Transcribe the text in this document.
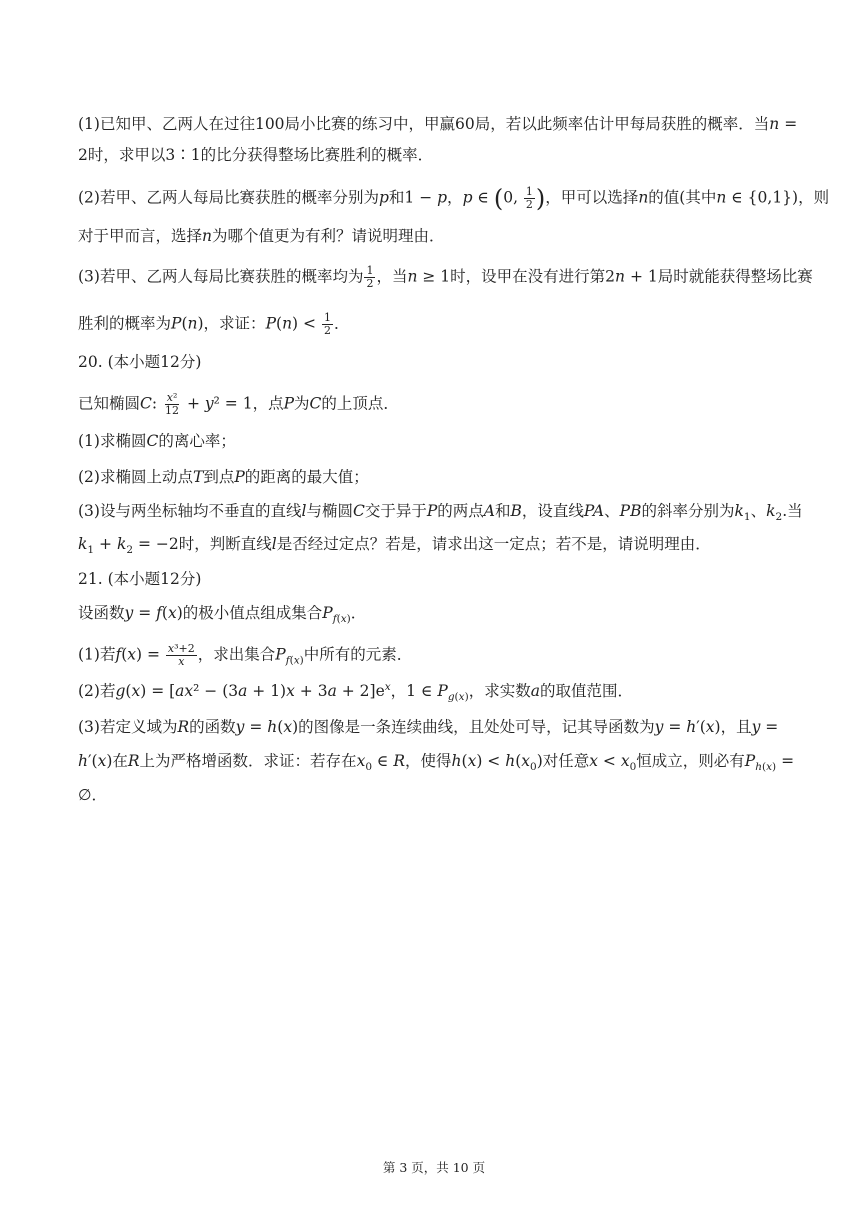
(1)已知甲、乙两人在过往100局小比赛的练习中，甲赢60局，若以此频率估计甲每局获胜的概率．当n =
2时，求甲以3∶1的比分获得整场比赛胜利的概率．
(2)若甲、乙两人每局比赛获胜的概率分别为p和1 − p，p ∈ (0, $\frac{1}{2}$ )，甲可以选择n的值(其中n ∈ {0,1})，则
对于甲而言，选择n为哪个值更为有利？请说明理由．
(3)若甲、乙两人每局比赛获胜的概率均为 $\frac{1}{2}$ ，当n ≥ 1时，设甲在没有进行第2n + 1局时就能获得整场比赛
胜利的概率为P(n)，求证：$P(n) < \frac{1}{2}$ ．
20. (本小题12分)
已知椭圆C: $\frac{\text{x²}}{12} + y^2 = 1$，点P为C的上顶点．
(1)求椭圆C的离心率；
(2)求椭圆上动点T到点P的距离的最大值；
(3)设与两坐标轴均不垂直的直线l与椭圆C交于异于P的两点A和B，设直线PA、PB的斜率分别为$k_1$、$k_2$.当
$k_1 + k_2 = -2$时，判断直线l是否经过定点？若是，请求出这一定点；若不是，请说明理由．
21. (本小题12分)
设函数y = f(x)的极小值点组成集合$P_{f(x)}$．
(1)若$f(x) = \frac{\text{x³+2}}{x}$ ，求出集合$P_{f(x)}$中所有的元素．
(2)若$g(x) = [ax^2 - (3a + 1)x + 3a + 2]e^x$，1 ∈ $P_{g(x)}$，求实数a的取值范围．
(3)若定义域为R的函数y = h(x)的图像是一条连续曲线，且处处可导，记其导函数为y = h′(x)，且y =
h′(x)在R上为严格增函数．求证：若存在$x_0$ ∈ R，使得$h(x) < h(x_0)$对任意$x < x_0$恒成立，则必有$P_{h(x)}$ =
∅．
第 3 页，共 10 页
